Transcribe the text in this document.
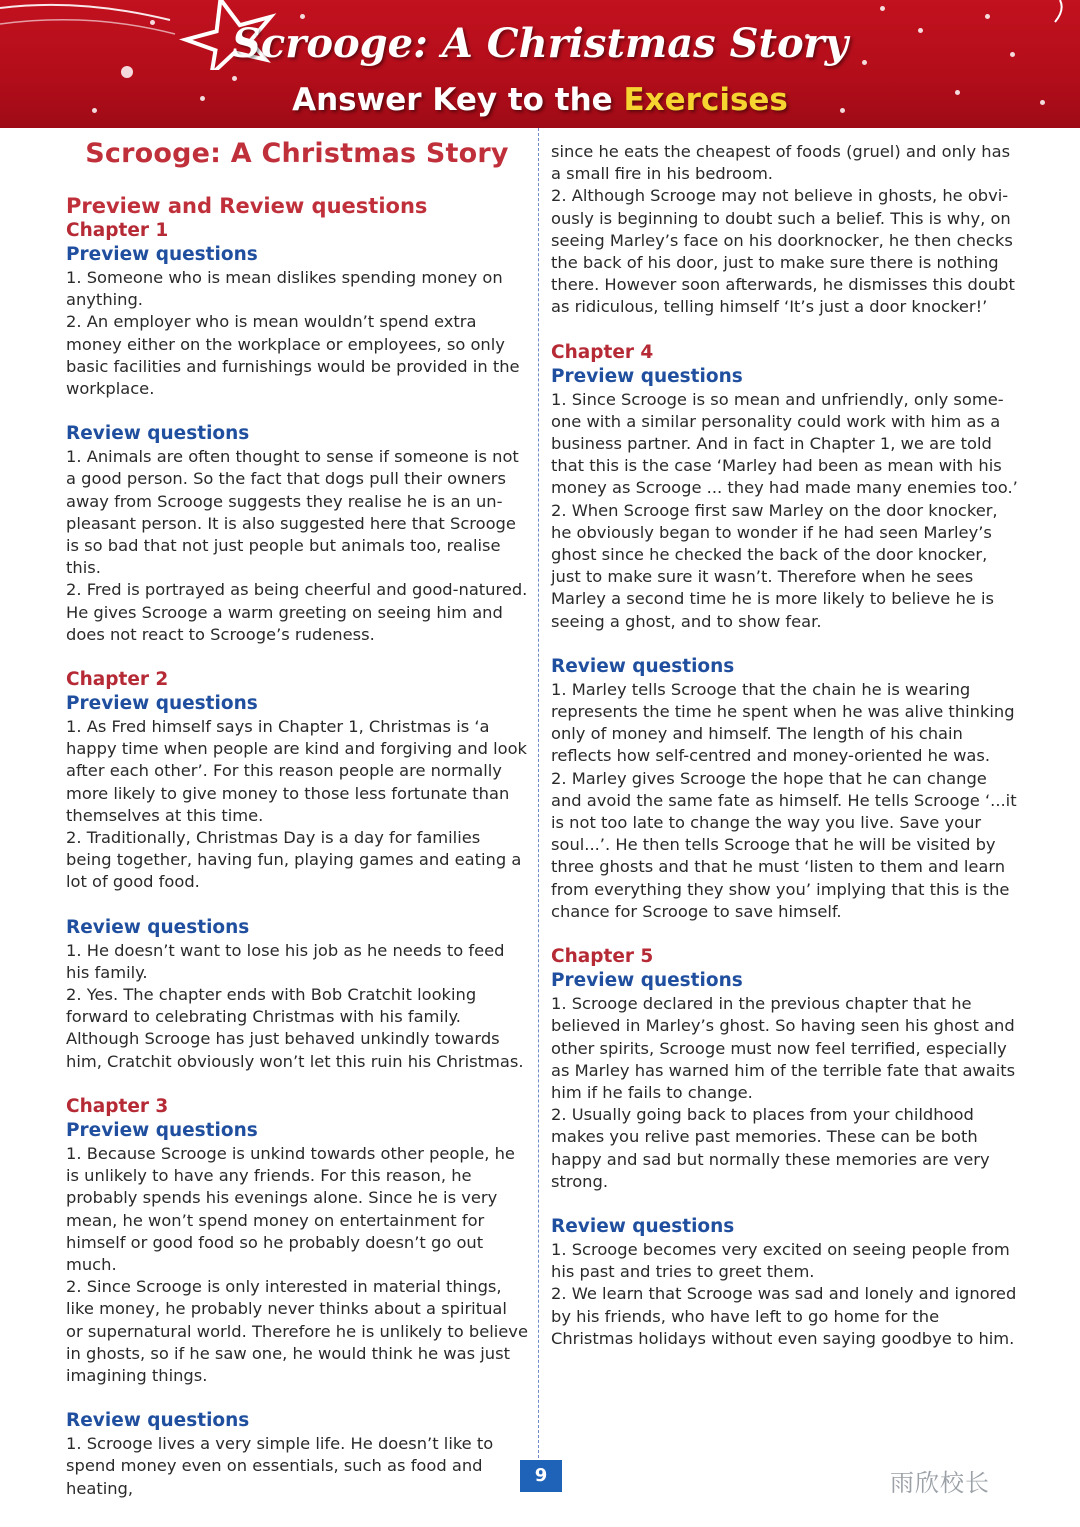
Scrooge: A Christmas Story
Answer Key to the Exercises
Scrooge: A Christmas Story
Preview and Review questions
Chapter 1
Preview questions

1. Someone who is mean dislikes spending money on anything.

2. An employer who is mean wouldn’t spend extra money either on the workplace or employees, so only basic facilities and furnishings would be provided in the workplace.

Review questions

1. Animals are often thought to sense if someone is not a good person. So the fact that dogs pull their owners away from Scrooge suggests they realise he is an un-pleasant person. It is also suggested here that Scrooge is so bad that not just people but animals too, realise this.

2. Fred is portrayed as being cheerful and good-natured. He gives Scrooge a warm greeting on seeing him and does not react to Scrooge’s rudeness.

Chapter 2
Preview questions

1. As Fred himself says in Chapter 1, Christmas is ‘a happy time when people are kind and forgiving and look after each other’. For this reason people are normally more likely to give money to those less fortunate than themselves at this time.

2. Traditionally, Christmas Day is a day for families being together, having fun, playing games and eating a lot of good food.

Review questions

1. He doesn’t want to lose his job as he needs to feed his family.

2. Yes. The chapter ends with Bob Cratchit looking forward to celebrating Christmas with his family. Although Scrooge has just behaved unkindly towards him, Cratchit obviously won’t let this ruin his Christmas.

Chapter 3
Preview questions

1. Because Scrooge is unkind towards other people, he is unlikely to have any friends. For this reason, he probably spends his evenings alone. Since he is very mean, he won’t spend money on entertainment for himself or good food so he probably doesn’t go out much.

2. Since Scrooge is only interested in material things, like money, he probably never thinks about a spiritual or supernatural world. Therefore he is unlikely to believe in ghosts, so if he saw one, he would think he was just imagining things.

Review questions

1. Scrooge lives a very simple life. He doesn’t like to spend money even on essentials, such as food and heating,

since he eats the cheapest of foods (gruel) and only has a small fire in his bedroom.

2. Although Scrooge may not believe in ghosts, he obvi-ously is beginning to doubt such a belief. This is why, on seeing Marley’s face on his doorknocker, he then checks the back of his door, just to make sure there is nothing there. However soon afterwards, he dismisses this doubt as ridiculous, telling himself ‘It’s just a door knocker!’

Chapter 4
Preview questions

1. Since Scrooge is so mean and unfriendly, only some-one with a similar personality could work with him as a business partner. And in fact in Chapter 1, we are told that this is the case ‘Marley had been as mean with his money as Scrooge ... they had made many enemies too.’

2. When Scrooge first saw Marley on the door knocker, he obviously began to wonder if he had seen Marley’s ghost since he checked the back of the door knocker, just to make sure it wasn’t. Therefore when he sees Marley a second time he is more likely to believe he is seeing a ghost, and to show fear.

Review questions

1. Marley tells Scrooge that the chain he is wearing represents the time he spent when he was alive thinking only of money and himself. The length of his chain reflects how self-centred and money-oriented he was.

2. Marley gives Scrooge the hope that he can change and avoid the same fate as himself. He tells Scrooge ‘...it is not too late to change the way you live. Save your soul...’. He then tells Scrooge that he will be visited by three ghosts and that he must ‘listen to them and learn from everything they show you’ implying that this is the chance for Scrooge to save himself.

Chapter 5
Preview questions

1. Scrooge declared in the previous chapter that he believed in Marley’s ghost. So having seen his ghost and other spirits, Scrooge must now feel terrified, especially as Marley has warned him of the terrible fate that awaits him if he fails to change.

2. Usually going back to places from your childhood makes you relive past memories. These can be both happy and sad but normally these memories are very strong.

Review questions

1. Scrooge becomes very excited on seeing people from his past and tries to greet them.

2. We learn that Scrooge was sad and lonely and ignored by his friends, who have left to go home for the Christmas holidays without even saying goodbye to him.

9	雨欣校长
